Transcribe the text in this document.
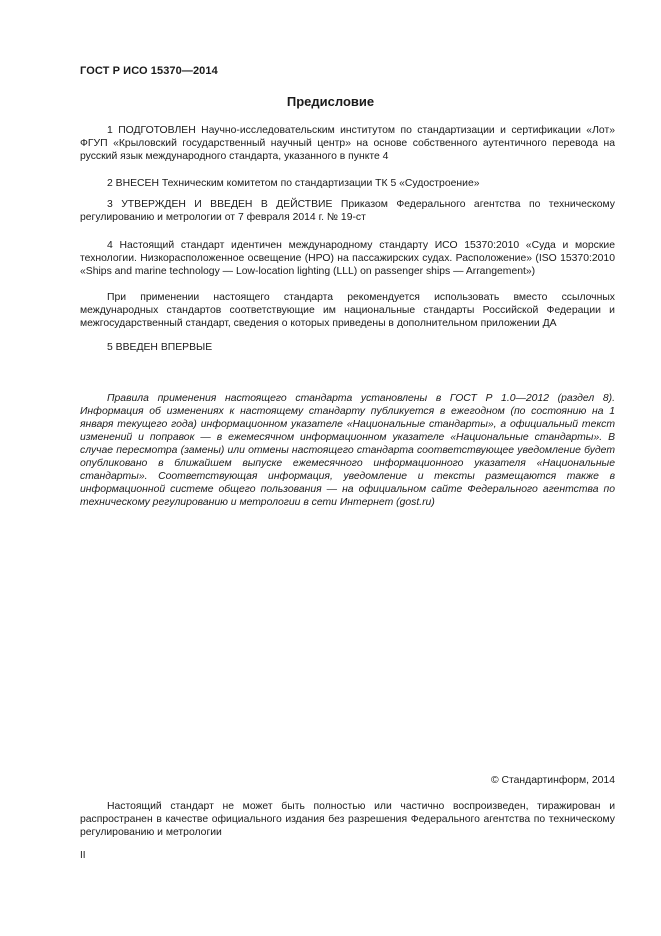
ГОСТ Р ИСО 15370—2014
Предисловие

1 ПОДГОТОВЛЕН Научно-исследовательским институтом по стандартизации и сертификации «Лот» ФГУП «Крыловский государственный научный центр» на основе собственного аутентичного перевода на русский язык международного стандарта, указанного в пункте 4

2 ВНЕСЕН Техническим комитетом по стандартизации ТК 5 «Судостроение»

3 УТВЕРЖДЕН И ВВЕДЕН В ДЕЙСТВИЕ Приказом Федерального агентства по техническому регулированию и метрологии от 7 февраля 2014 г. № 19-ст

4 Настоящий стандарт идентичен международному стандарту ИСО 15370:2010 «Суда и морские технологии. Низкорасположенное освещение (НРО) на пассажирских судах. Расположение» (ISO 15370:2010 «Ships and marine technology — Low-location lighting (LLL) on passenger ships — Arrangement»)

При применении настоящего стандарта рекомендуется использовать вместо ссылочных международных стандартов соответствующие им национальные стандарты Российской Федерации и межгосударственный стандарт, сведения о которых приведены в дополнительном приложении ДА

5 ВВЕДЕН ВПЕРВЫЕ

Правила применения настоящего стандарта установлены в ГОСТ Р 1.0—2012 (раздел 8). Информация об изменениях к настоящему стандарту публикуется в ежегодном (по состоянию на 1 января текущего года) информационном указателе «Национальные стандарты», а официальный текст изменений и поправок — в ежемесячном информационном указателе «Национальные стандарты». В случае пересмотра (замены) или отмены настоящего стандарта соответствующее уведомление будет опубликовано в ближайшем выпуске ежемесячного информационного указателя «Национальные стандарты». Соответствующая информация, уведомление и тексты размещаются также в информационной системе общего пользования — на официальном сайте Федерального агентства по техническому регулированию и метрологии в сети Интернет (gost.ru)

© Стандартинформ, 2014

Настоящий стандарт не может быть полностью или частично воспроизведен, тиражирован и распространен в качестве официального издания без разрешения Федерального агентства по техническому регулированию и метрологии

II
